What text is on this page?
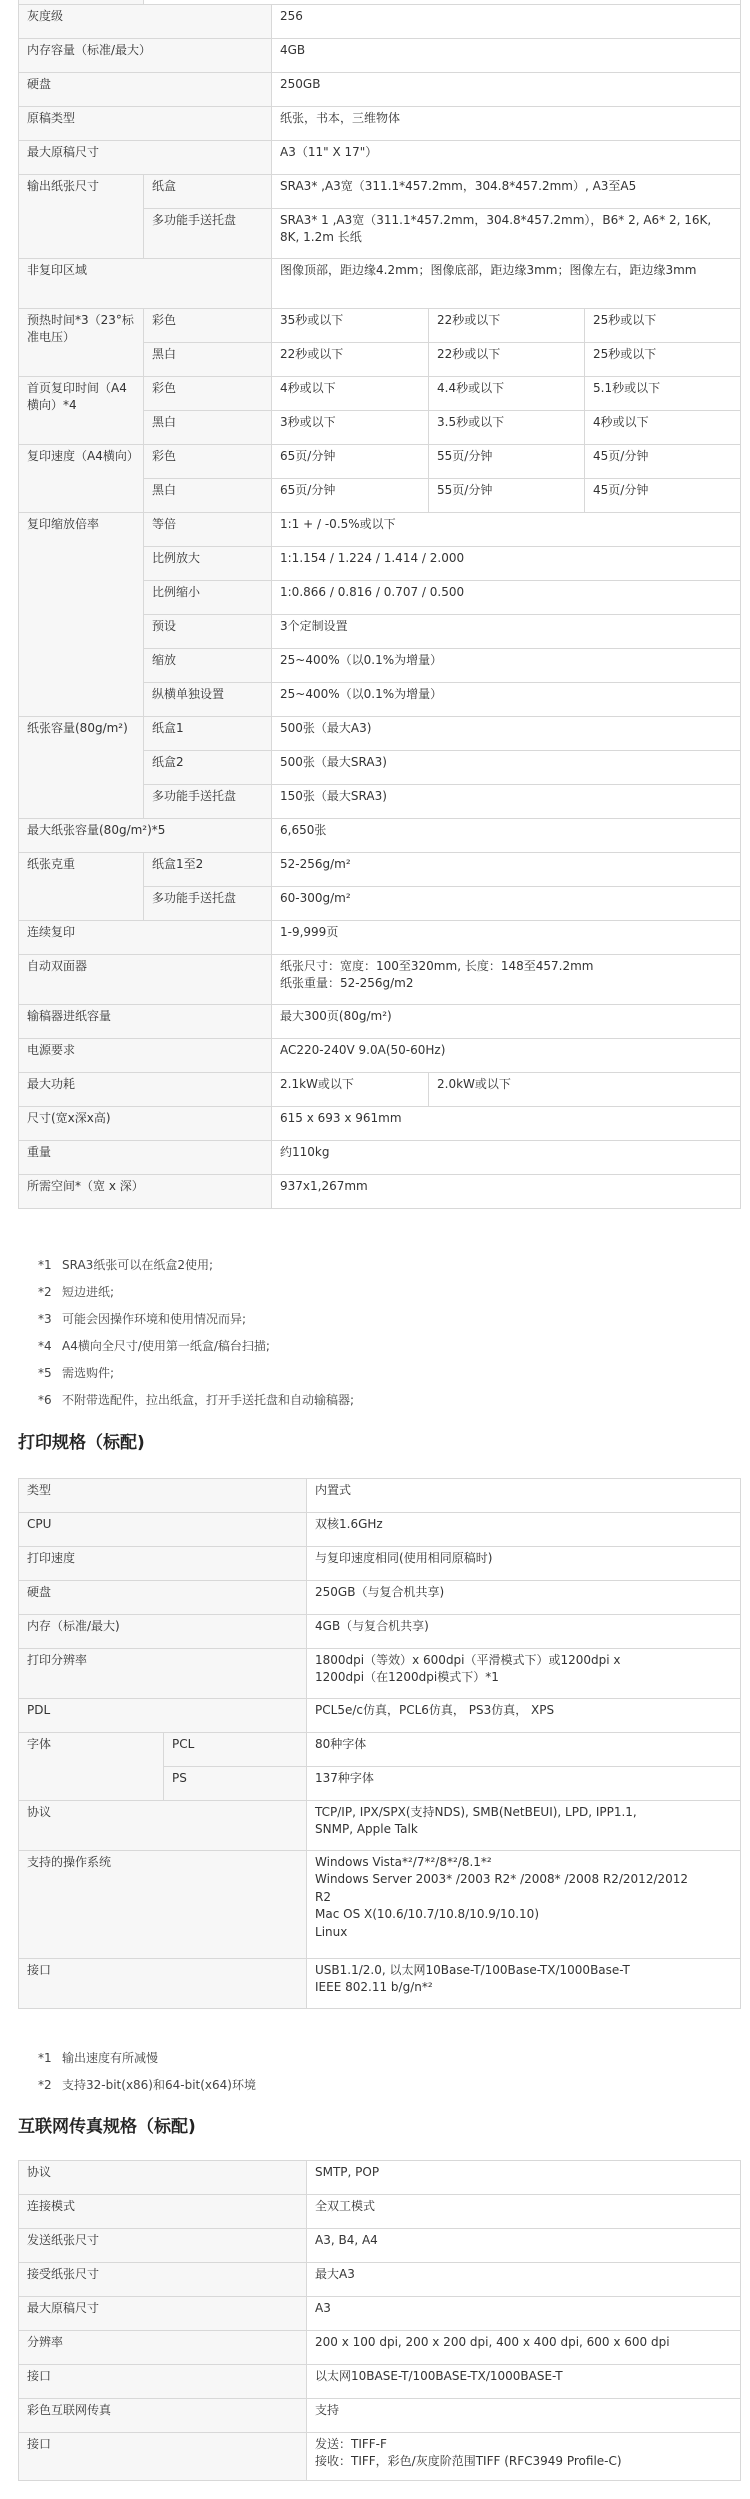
灰度级		256		
内存容量（标准/最大）		4GB		
硬盘		250GB		
原稿类型		纸张，书本，三维物体		
最大原稿尺寸		A3（11" X 17"）		
输出纸张尺寸	纸盒	SRA3* ,A3宽（311.1*457.2mm，304.8*457.2mm）, A3至A5		
	多功能手送托盘	SRA3* 1 ,A3宽（311.1*457.2mm，304.8*457.2mm），B6* 2, A6* 2, 16K, 8K, 1.2m 长纸		
非复印区域		图像顶部，距边缘4.2mm；图像底部，距边缘3mm；图像左右，距边缘3mm		
预热时间*3（23°标准电压）	彩色	35秒或以下	22秒或以下	25秒或以下
	黑白	22秒或以下	22秒或以下	25秒或以下
首页复印时间（A4横向）*4	彩色	4秒或以下	4.4秒或以下	5.1秒或以下
	黑白	3秒或以下	3.5秒或以下	4秒或以下
复印速度（A4横向）	彩色	65页/分钟	55页/分钟	45页/分钟
	黑白	65页/分钟	55页/分钟	45页/分钟
复印缩放倍率	等倍	1:1 + / -0.5%或以下		
	比例放大	1:1.154 / 1.224 / 1.414 / 2.000		
	比例缩小	1:0.866 / 0.816 / 0.707 / 0.500		
	预设	3个定制设置		
	缩放	25~400%（以0.1%为增量）		
	纵横单独设置	25~400%（以0.1%为增量）		
纸张容量(80g/m²)	纸盒1	500张（最大A3)		
	纸盒2	500张（最大SRA3)		
	多功能手送托盘	150张（最大SRA3)		
最大纸张容量(80g/m²)*5		6,650张		
纸张克重	纸盒1至2	52-256g/m²		
	多功能手送托盘	60-300g/m²		
连续复印		1-9,999页		
自动双面器		纸张尺寸：宽度：100至320mm, 长度：148至457.2mm
纸张重量：52-256g/m2		

输稿器进纸容量		最大300页(80g/m²)		
电源要求		AC220-240V 9.0A(50-60Hz)		
最大功耗		2.1kW或以下	2.0kW或以下	
尺寸(宽x深x高)		615 x 693 x 961mm		
重量		约110kg		
所需空间*（宽 x 深）		937x1,267mm		
*1 SRA3纸张可以在纸盒2使用;
*2 短边进纸;
*3 可能会因操作环境和使用情况而异;
*4 A4横向全尺寸/使用第一纸盒/稿台扫描;
*5 需选购件;
*6 不附带选配件，拉出纸盒，打开手送托盘和自动输稿器;
打印规格（标配)
类型		内置式
CPU		双核1.6GHz
打印速度		与复印速度相同(使用相同原稿时)
硬盘		250GB（与复合机共享)
内存（标准/最大)		4GB（与复合机共享)
打印分辨率		1800dpi（等效）x 600dpi（平滑模式下）或1200dpi x
1200dpi（在1200dpi模式下）*1

PDL		PCL5e/c仿真，PCL6仿真， PS3仿真， XPS
字体	PCL	80种字体
	PS	137种字体
协议		TCP/IP, IPX/SPX(支持NDS), SMB(NetBEUI), LPD, IPP1.1,
SNMP, Apple Talk

支持的操作系统		Windows Vista*²/7*²/8*²/8.1*²
Windows Server 2003* /2003 R2* /2008* /2008 R2/2012/2012
R2
Mac OS X(10.6/10.7/10.8/10.9/10.10)
Linux

接口		USB1.1/2.0, 以太网10Base-T/100Base-TX/1000Base-T
IEEE 802.11 b/g/n*²
*1 输出速度有所减慢
*2 支持32-bit(x86)和64-bit(x64)环境
互联网传真规格（标配)
协议	SMTP, POP
连接模式	全双工模式
发送纸张尺寸	A3, B4, A4
接受纸张尺寸	最大A3
最大原稿尺寸	A3
分辨率	200 x 100 dpi, 200 x 200 dpi, 400 x 400 dpi, 600 x 600 dpi
接口	以太网10BASE-T/100BASE-TX/1000BASE-T
彩色互联网传真	支持
接口	发送：TIFF-F
接收：TIFF，彩色/灰度阶范围TIFF (RFC3949 Profile-C)
